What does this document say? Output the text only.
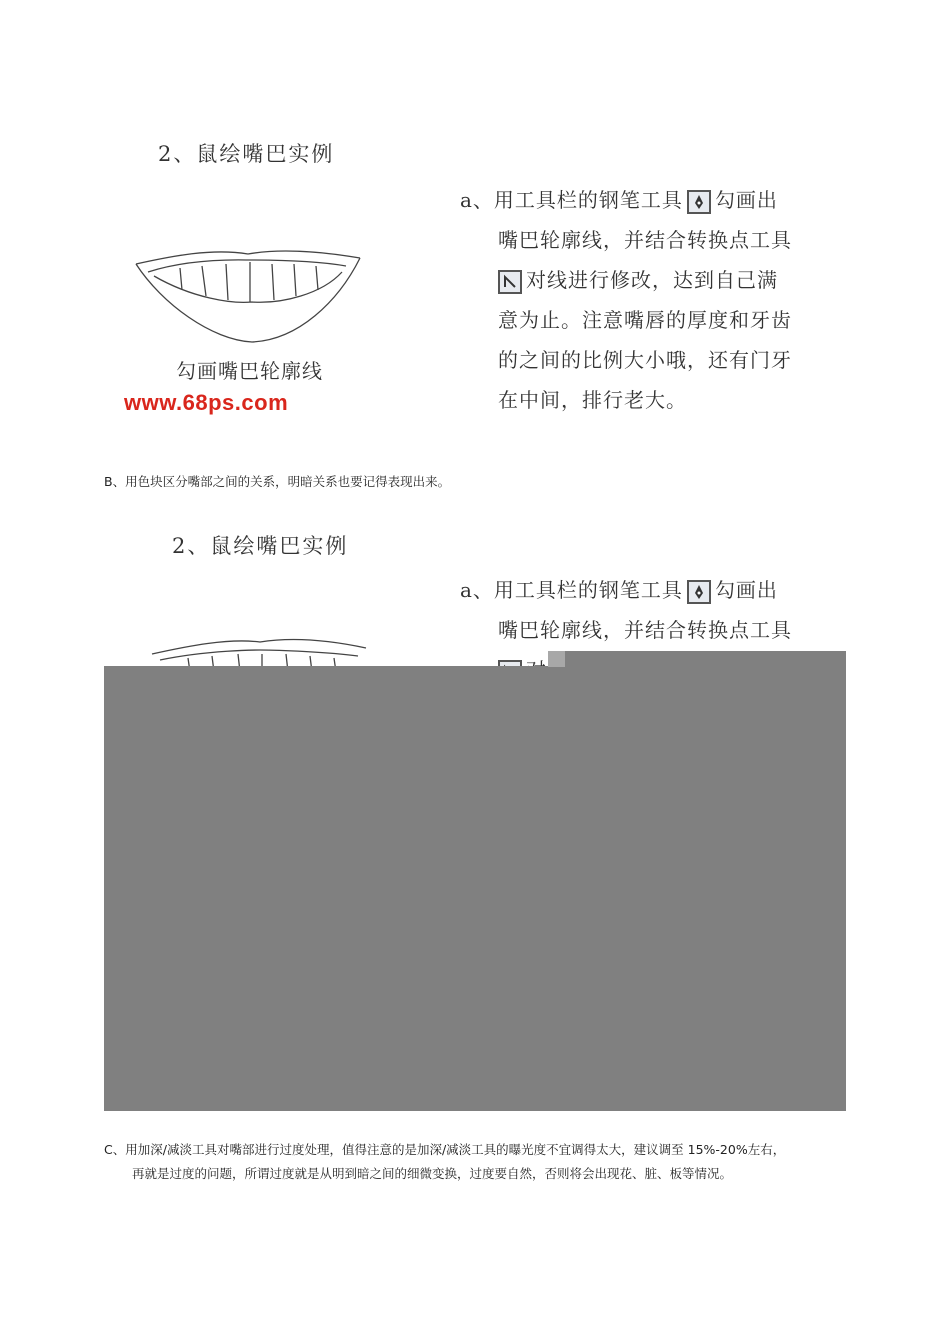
2、鼠绘嘴巴实例
勾画嘴巴轮廓线
www.68ps.com
a、用工具栏的钢笔工具 勾画出
嘴巴轮廓线，并结合转换点工具
对线进行修改，达到自己满
意为止。注意嘴唇的厚度和牙齿
的之间的比例大小哦，还有门牙
在中间，排行老大。
B、用色块区分嘴部之间的关系，明暗关系也要记得表现出来。
2、鼠绘嘴巴实例
a、用工具栏的钢笔工具 勾画出
嘴巴轮廓线，并结合转换点工具
C、用加深/减淡工具对嘴部进行过度处理，值得注意的是加深/减淡工具的曝光度不宜调得太大，建议调至 15%-20%左右，
再就是过度的问题，所谓过度就是从明到暗之间的细微变换，过度要自然，否则将会出现花、脏、板等情况。
